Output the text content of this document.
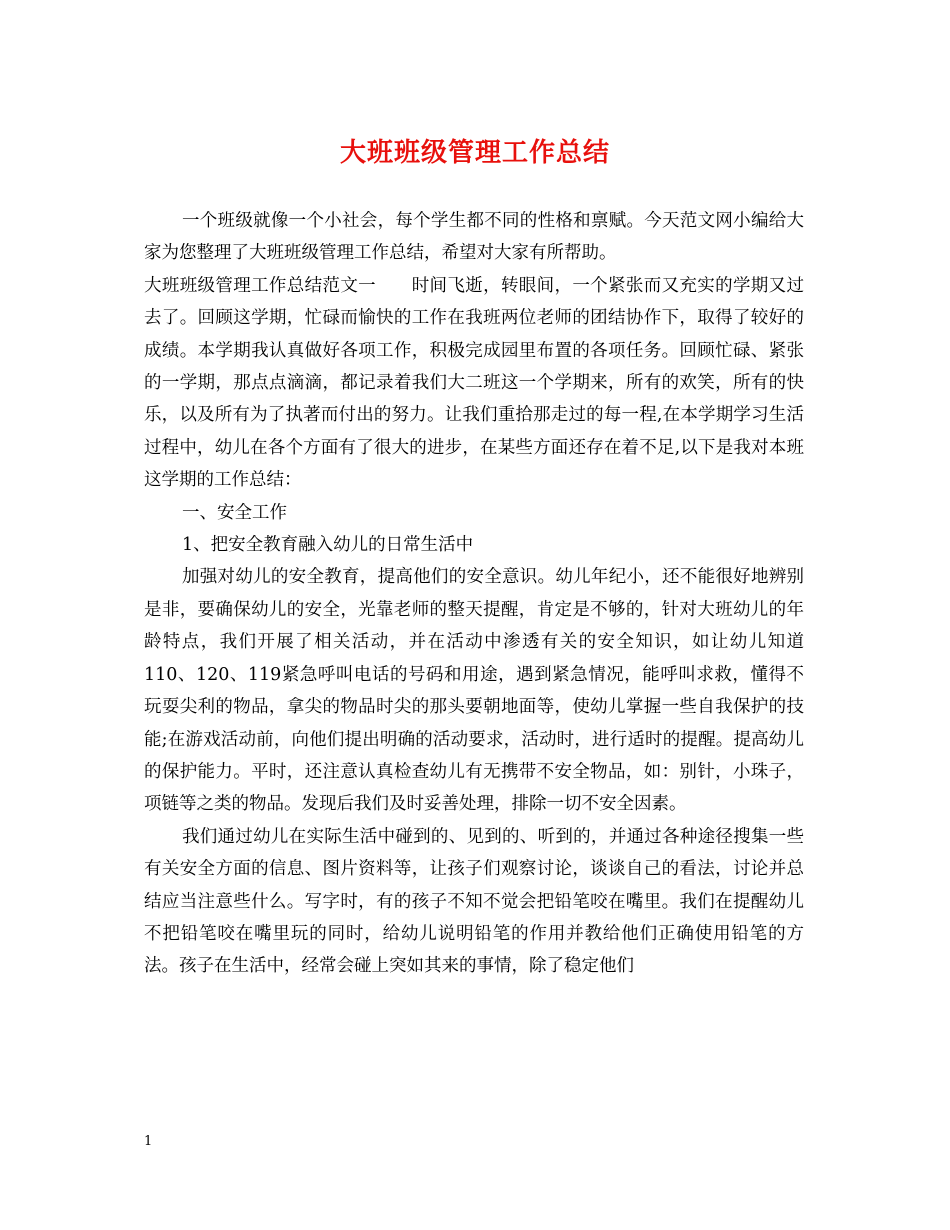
大班班级管理工作总结

一个班级就像一个小社会，每个学生都不同的性格和禀赋。今天范文网小编给大家为您整理了大班班级管理工作总结，希望对大家有所帮助。

大班班级管理工作总结范文一　　时间飞逝，转眼间，一个紧张而又充实的学期又过去了。回顾这学期，忙碌而愉快的工作在我班两位老师的团结协作下，取得了较好的成绩。本学期我认真做好各项工作，积极完成园里布置的各项任务。回顾忙碌、紧张的一学期，那点点滴滴，都记录着我们大二班这一个学期来，所有的欢笑，所有的快乐，以及所有为了执著而付出的努力。让我们重拾那走过的每一程,在本学期学习生活过程中，幼儿在各个方面有了很大的进步，在某些方面还存在着不足,以下是我对本班这学期的工作总结：

一、安全工作

1、把安全教育融入幼儿的日常生活中

加强对幼儿的安全教育，提高他们的安全意识。幼儿年纪小，还不能很好地辨别是非，要确保幼儿的安全，光靠老师的整天提醒，肯定是不够的，针对大班幼儿的年龄特点，我们开展了相关活动，并在活动中渗透有关的安全知识，如让幼儿知道110、120、119紧急呼叫电话的号码和用途，遇到紧急情况，能呼叫求救，懂得不玩耍尖利的物品，拿尖的物品时尖的那头要朝地面等，使幼儿掌握一些自我保护的技能;在游戏活动前，向他们提出明确的活动要求，活动时，进行适时的提醒。提高幼儿的保护能力。平时，还注意认真检查幼儿有无携带不安全物品，如：别针，小珠子，项链等之类的物品。发现后我们及时妥善处理，排除一切不安全因素。

我们通过幼儿在实际生活中碰到的、见到的、听到的，并通过各种途径搜集一些有关安全方面的信息、图片资料等，让孩子们观察讨论，谈谈自己的看法，讨论并总结应当注意些什么。写字时，有的孩子不知不觉会把铅笔咬在嘴里。我们在提醒幼儿不把铅笔咬在嘴里玩的同时，给幼儿说明铅笔的作用并教给他们正确使用铅笔的方法。孩子在生活中，经常会碰上突如其来的事情，除了稳定他们

1
